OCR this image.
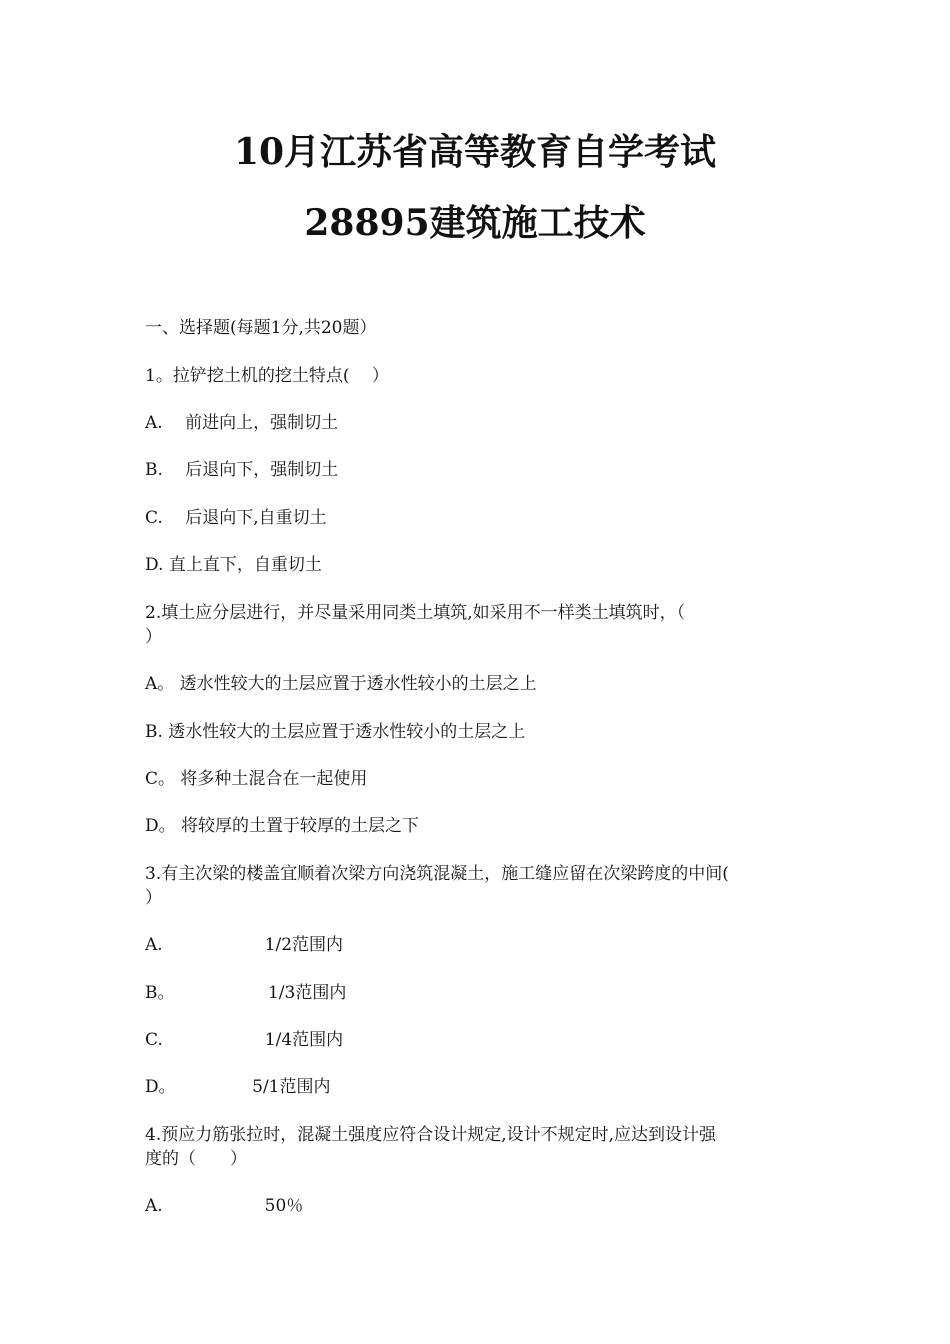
10月江苏省高等教育自学考试
28895建筑施工技术

一、选择题(每题1分,共20题）

1。拉铲挖土机的挖土特点(　 ）

A.　 前进向上，强制切土

B.　 后退向下，强制切土

C.　 后退向下,自重切土

D. 直上直下，自重切土

2.填土应分层进行，并尽量采用同类土填筑,如采用不一样类土填筑时，（

）

A。 透水性较大的土层应置于透水性较小的土层之上

B. 透水性较大的土层应置于透水性较小的土层之上

C。 将多种土混合在一起使用

D。 将较厚的土置于较厚的土层之下

3.有主次梁的楼盖宜顺着次梁方向浇筑混凝土，施工缝应留在次梁跨度的中间(

）

A.　　　　　　1/2范围内

B。　　　　　　1/3范围内

C.　　　　　　1/4范围内

D。　　　　　5/1范围内

4.预应力筋张拉时，混凝土强度应符合设计规定,设计不规定时,应达到设计强

度的（　　）

A.　　　　　　50％
